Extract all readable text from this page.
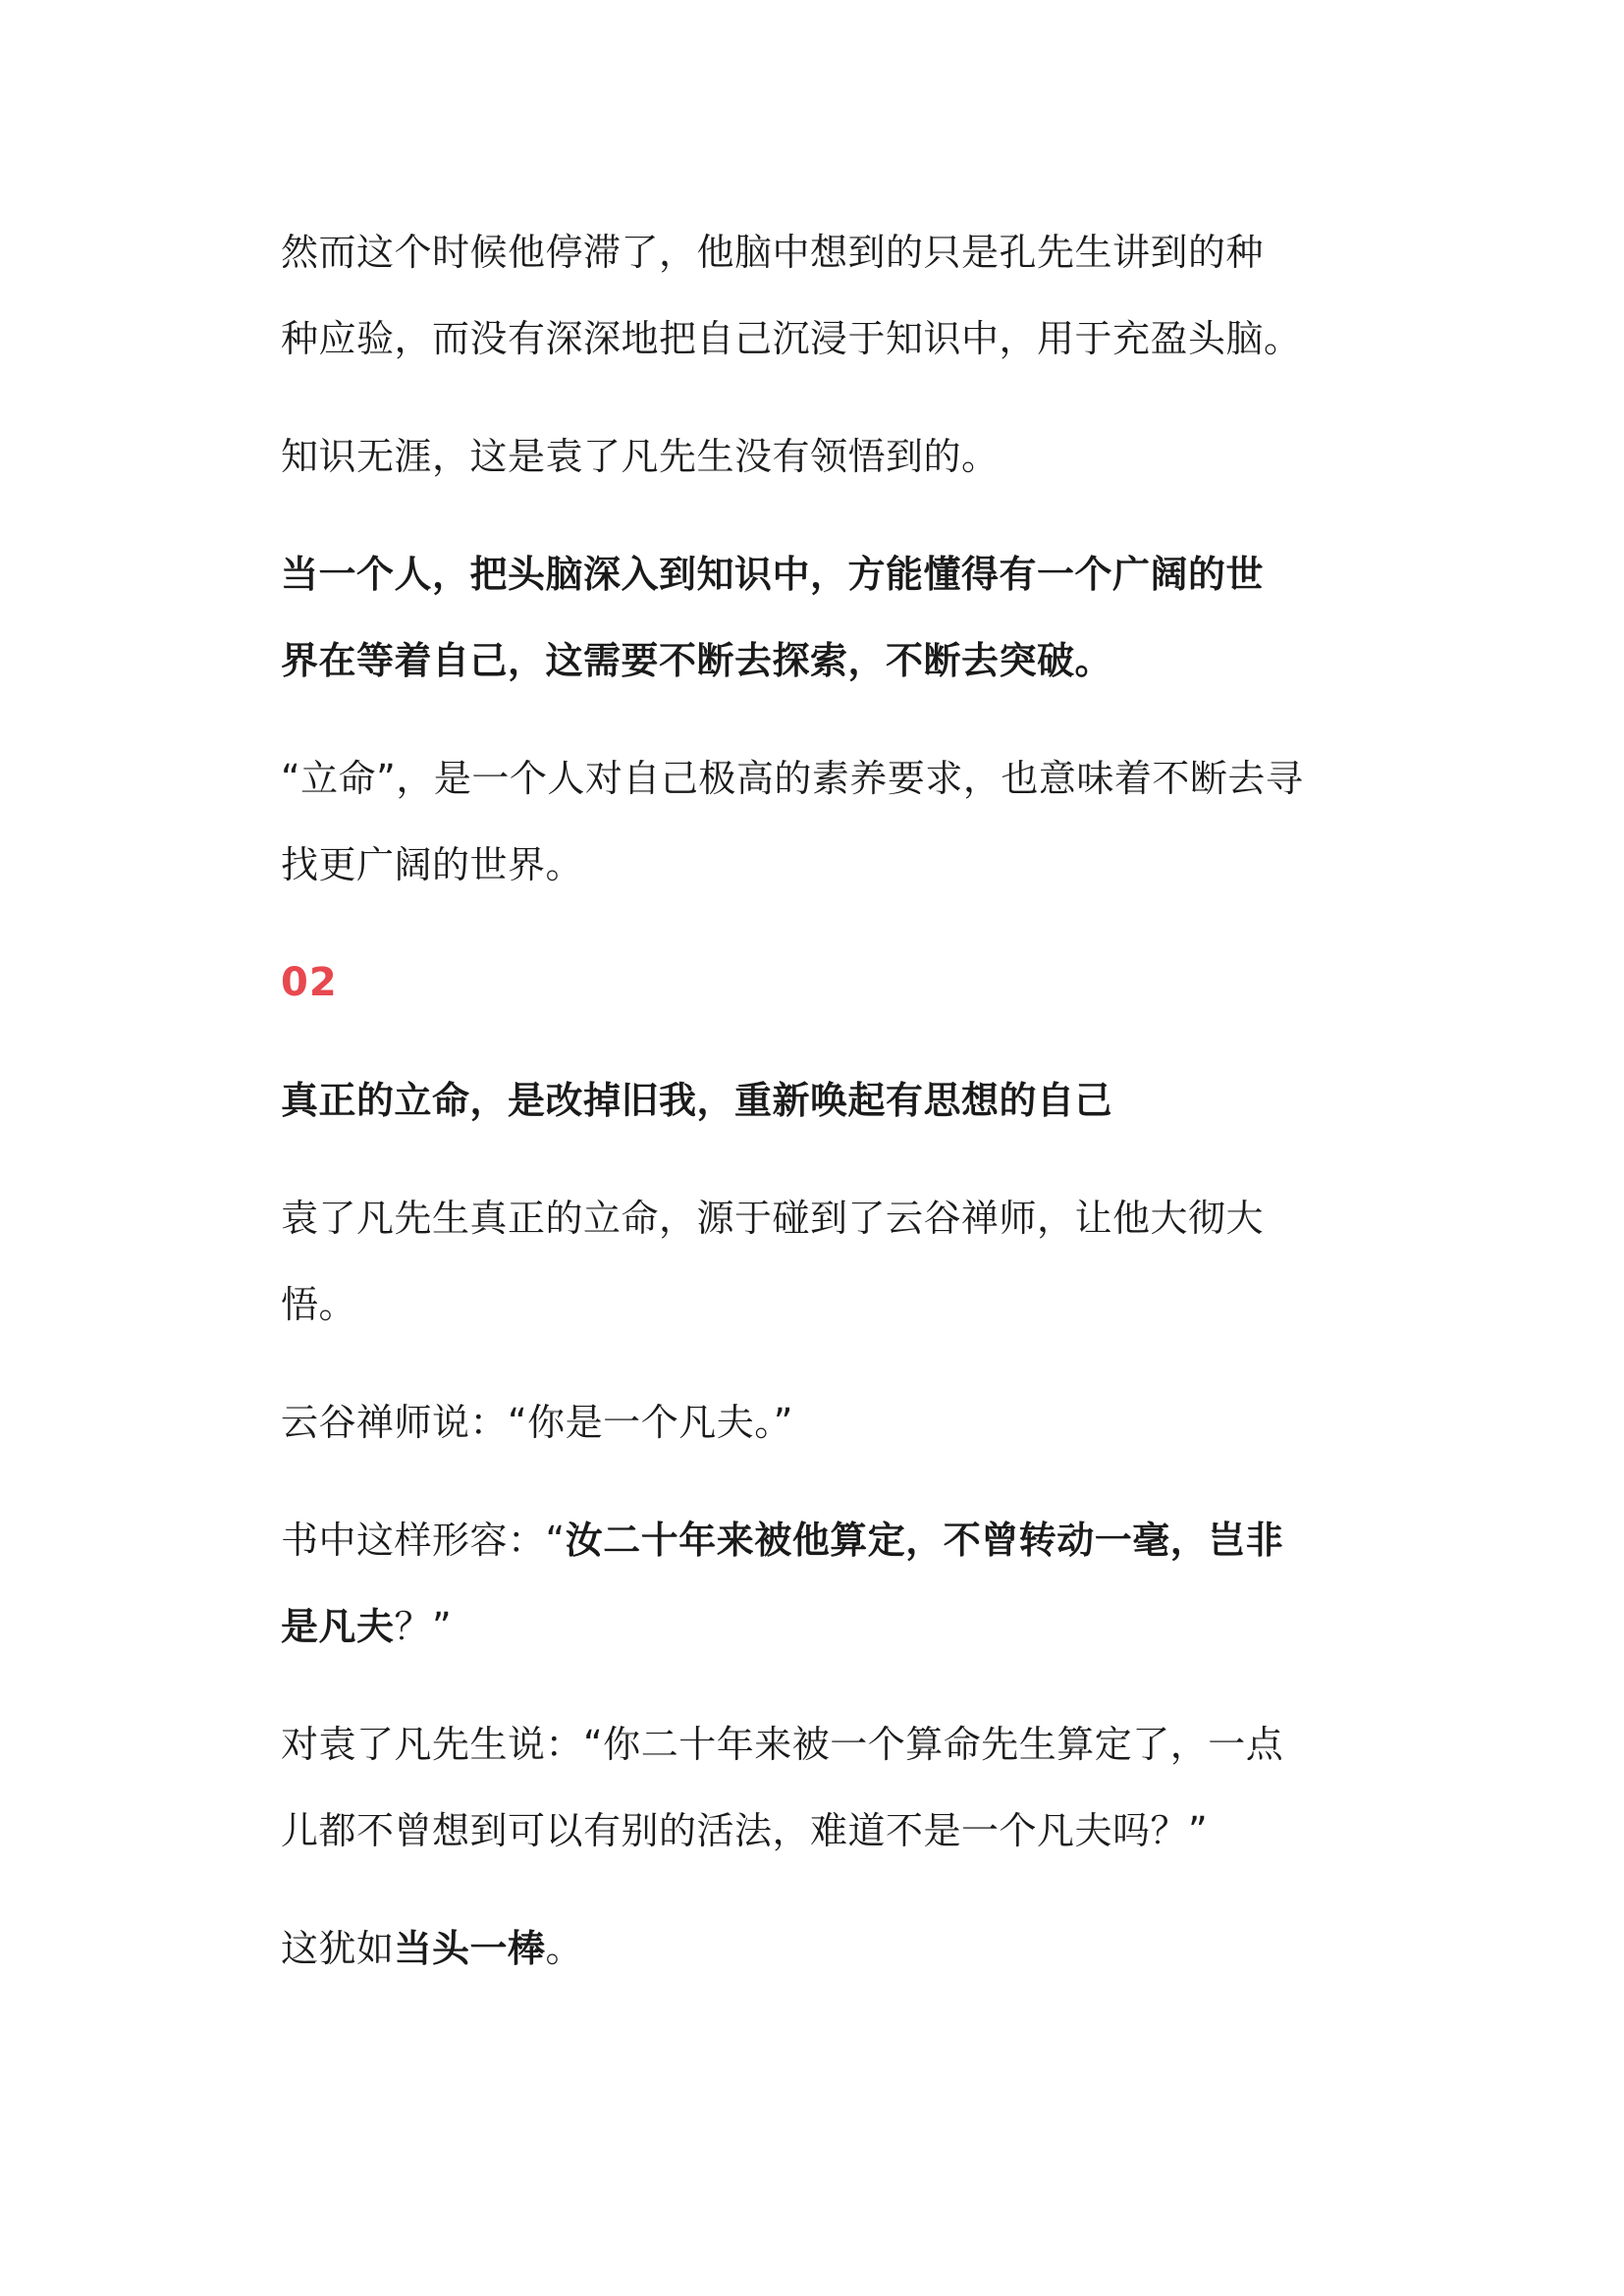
然而这个时候他停滞了，他脑中想到的只是孔先生讲到的种
种应验，而没有深深地把自己沉浸于知识中，用于充盈头脑。

知识无涯，这是袁了凡先生没有领悟到的。

当一个人，把头脑深入到知识中，方能懂得有一个广阔的世
界在等着自己，这需要不断去探索，不断去突破。

“立命”，是一个人对自己极高的素养要求，也意味着不断去寻
找更广阔的世界。

02

真正的立命，是改掉旧我，重新唤起有思想的自己

袁了凡先生真正的立命，源于碰到了云谷禅师，让他大彻大
悟。

云谷禅师说：“你是一个凡夫。”

书中这样形容：“汝二十年来被他算定，不曾转动一毫，岂非
是凡夫？”

对袁了凡先生说：“你二十年来被一个算命先生算定了，一点
儿都不曾想到可以有别的活法，难道不是一个凡夫吗？”

这犹如当头一棒。
